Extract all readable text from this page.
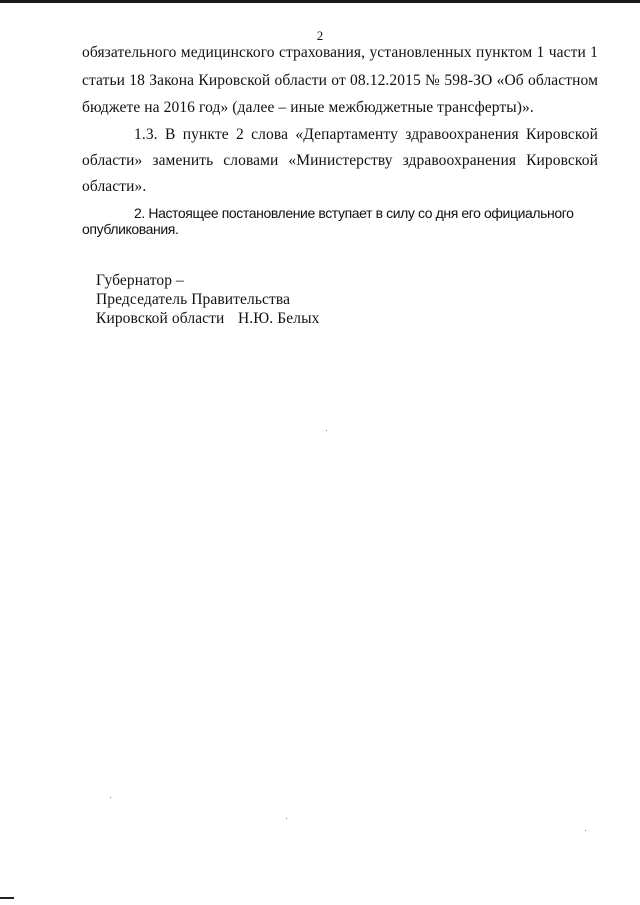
2
обязательного медицинского страхования, установленных пунктом 1 части 1
статьи 18 Закона Кировской области от 08.12.2015 № 598-ЗО «Об областном
бюджете на 2016 год» (далее – иные межбюджетные трансферты)».
1.3. В пункте 2 слова «Департаменту здравоохранения Кировской
области» заменить словами «Министерству здравоохранения Кировской
области».
2. Настоящее постановление вступает в силу со дня его официального
опубликования.
Губернатор –
Председатель Правительства
Кировской области Н.Ю. Белых
